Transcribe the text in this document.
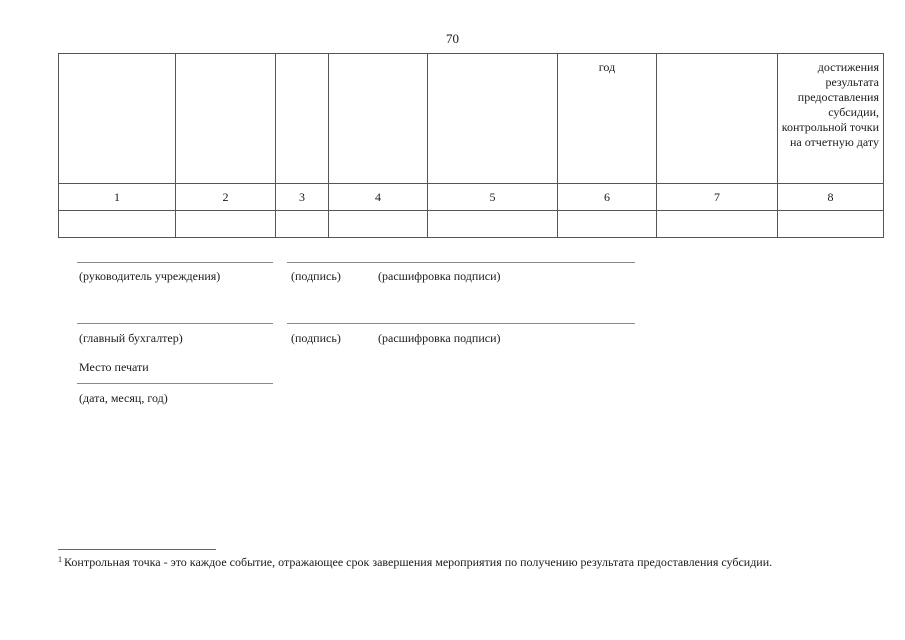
70
					год		достижения результата предоставления субсидии, контрольной точки на отчетную дату
1	2	3	4	5	6	7	8

(руководитель учреждения)	(подпись)	(расшифровка подписи)
(главный бухгалтер)	(подпись)	(расшифровка подписи)
Место печати
(дата, месяц, год)
$^1$ Контрольная точка - это каждое событие, отражающее срок завершения мероприятия по получению результата предоставления субсидии.
